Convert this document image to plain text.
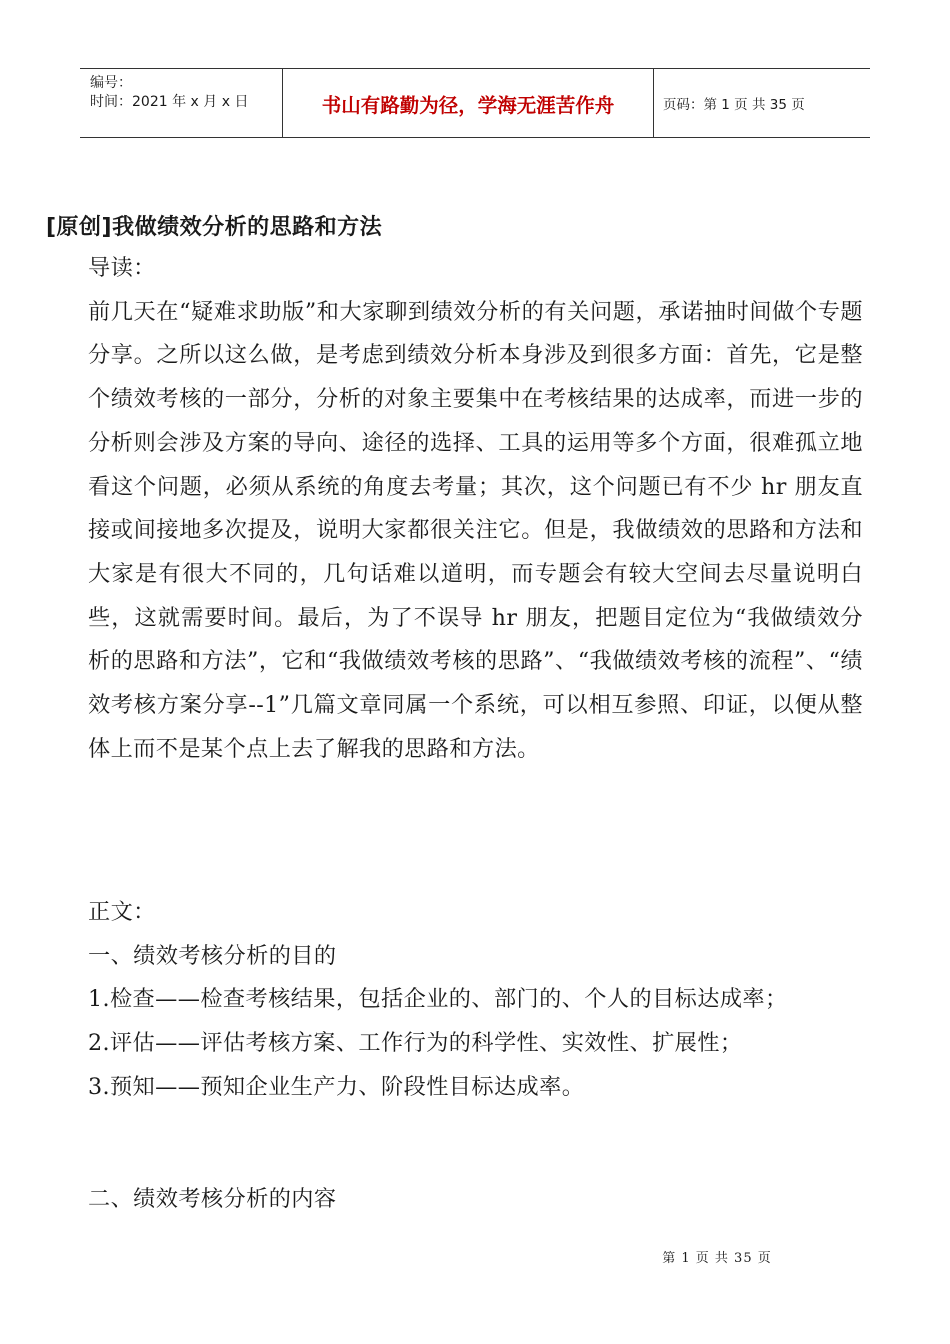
编号：
时间：2021 年 x 月 x 日	书山有路勤为径，学海无涯苦作舟	页码：第 1 页 共 35 页
[原创]我做绩效分析的思路和方法

导读：

前几天在“疑难求助版”和大家聊到绩效分析的有关问题，承诺抽时间做个专题分享。之所以这么做，是考虑到绩效分析本身涉及到很多方面：首先，它是整个绩效考核的一部分，分析的对象主要集中在考核结果的达成率，而进一步的分析则会涉及方案的导向、途径的选择、工具的运用等多个方面，很难孤立地看这个问题，必须从系统的角度去考量；其次，这个问题已有不少 hr 朋友直接或间接地多次提及，说明大家都很关注它。但是，我做绩效的思路和方法和大家是有很大不同的，几句话难以道明，而专题会有较大空间去尽量说明白些，这就需要时间。最后，为了不误导 hr 朋友，把题目定位为“我做绩效分析的思路和方法”，它和“我做绩效考核的思路”、“我做绩效考核的流程”、“绩效考核方案分享--1”几篇文章同属一个系统，可以相互参照、印证，以便从整体上而不是某个点上去了解我的思路和方法。

正文：

一、绩效考核分析的目的

1.检查——检查考核结果，包括企业的、部门的、个人的目标达成率；

2.评估——评估考核方案、工作行为的科学性、实效性、扩展性；

3.预知——预知企业生产力、阶段性目标达成率。

二、绩效考核分析的内容

第 1 页 共 35 页
